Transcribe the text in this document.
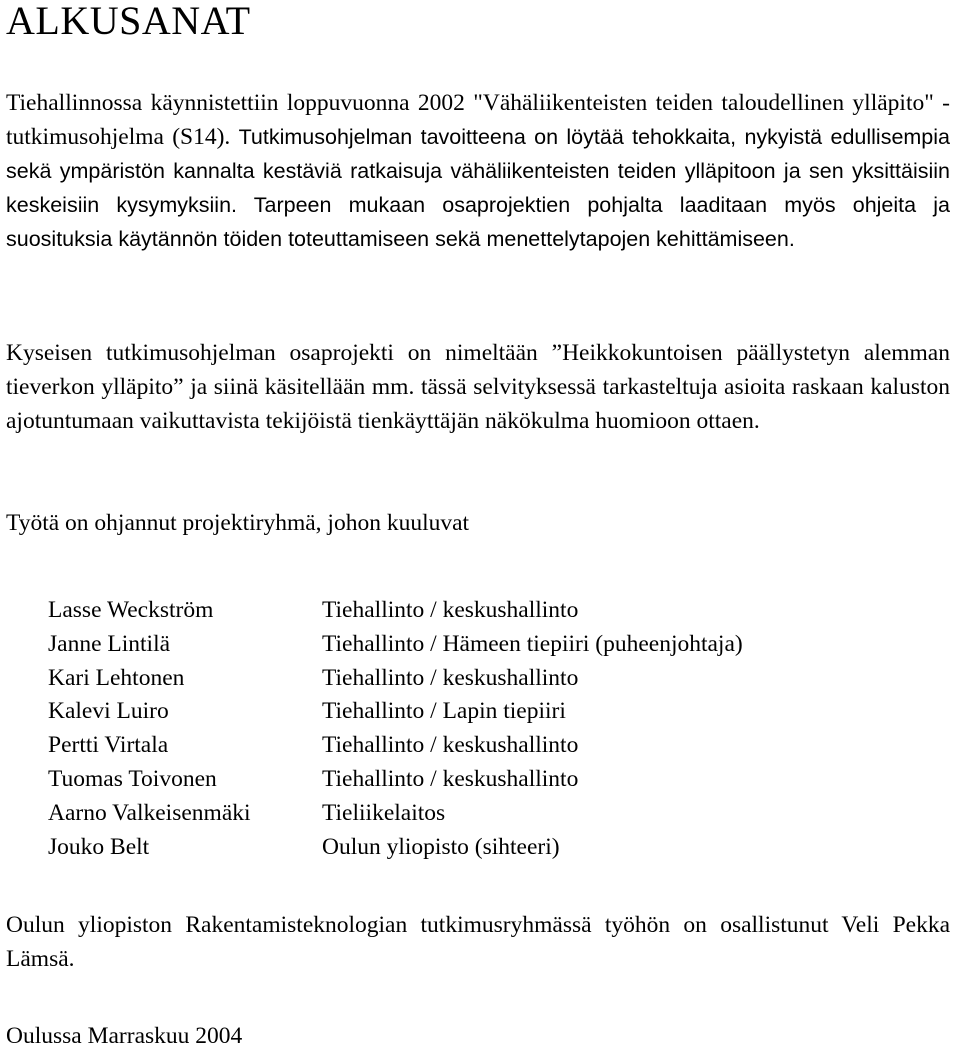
ALKUSANAT

Tiehallinnossa käynnistettiin loppuvuonna 2002 "Vähäliikenteisten teiden taloudellinen ylläpito" -tutkimusohjelma (S14). Tutkimusohjelman tavoitteena on löytää tehokkaita, nykyistä edullisempia sekä ympäristön kannalta kestäviä ratkaisuja vähäliikenteisten teiden ylläpitoon ja sen yksittäisiin keskeisiin kysymyksiin. Tarpeen mukaan osaprojektien pohjalta laaditaan myös ohjeita ja suosituksia käytännön töiden toteuttamiseen sekä menettelytapojen kehittämiseen.

Kyseisen tutkimusohjelman osaprojekti on nimeltään ”Heikkokuntoisen päällystetyn alemman tieverkon ylläpito” ja siinä käsitellään mm. tässä selvityksessä tarkasteltuja asioita raskaan kaluston ajotuntumaan vaikuttavista tekijöistä tienkäyttäjän näkökulma huomioon ottaen.

Työtä on ohjannut projektiryhmä, johon kuuluvat

Lasse Weckström	Tiehallinto / keskushallinto
Janne Lintilä	Tiehallinto / Hämeen tiepiiri (puheenjohtaja)
Kari Lehtonen	Tiehallinto / keskushallinto
Kalevi Luiro	Tiehallinto / Lapin tiepiiri
Pertti Virtala	Tiehallinto / keskushallinto
Tuomas Toivonen	Tiehallinto / keskushallinto
Aarno Valkeisenmäki	Tieliikelaitos
Jouko Belt	Oulun yliopisto (sihteeri)

Oulun yliopiston Rakentamisteknologian tutkimusryhmässä työhön on osallistunut Veli Pekka Lämsä.

Oulussa Marraskuu 2004
